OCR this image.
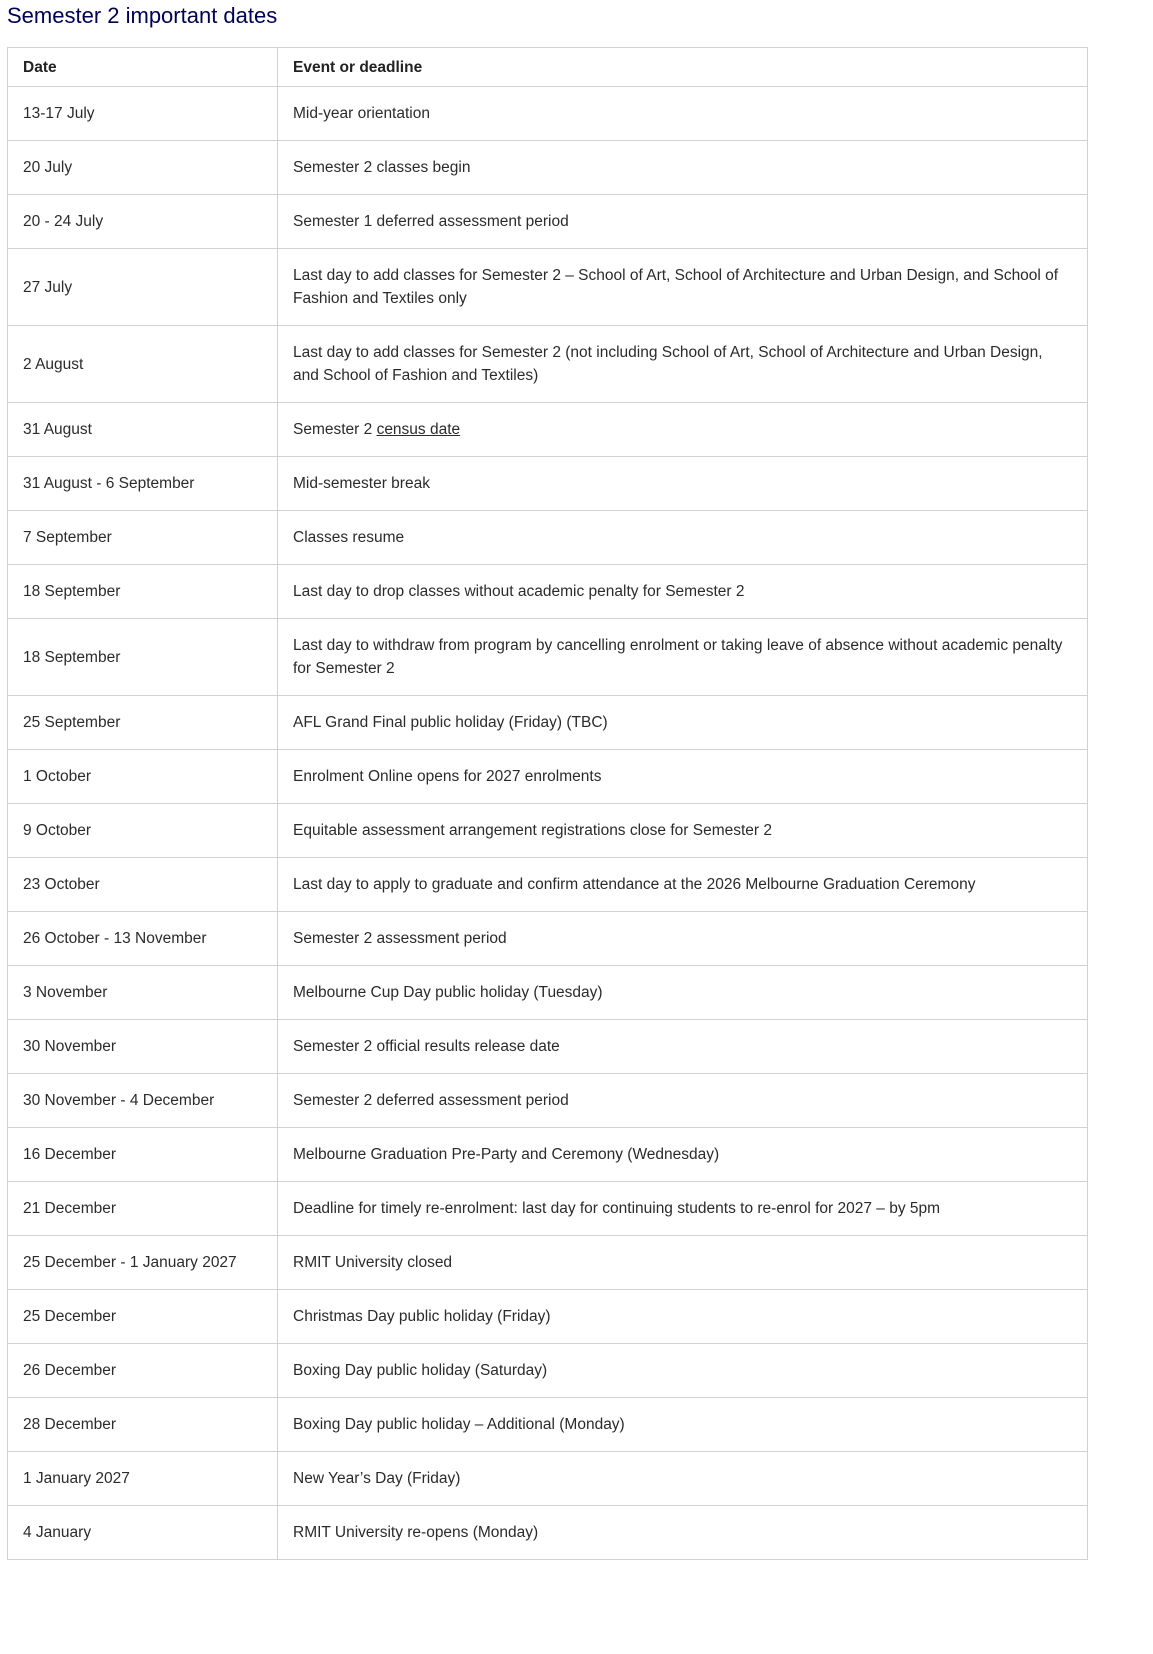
Semester 2 important dates
Date	Event or deadline
13-17 July	Mid-year orientation
20 July	Semester 2 classes begin
20 - 24 July	Semester 1 deferred assessment period
27 July	Last day to add classes for Semester 2 – School of Art, School of Architecture and Urban Design, and School of Fashion and Textiles only
2 August	Last day to add classes for Semester 2 (not including School of Art, School of Architecture and Urban Design, and School of Fashion and Textiles)
31 August	Semester 2 census date
31 August - 6 September	Mid-semester break
7 September	Classes resume
18 September	Last day to drop classes without academic penalty for Semester 2
18 September	Last day to withdraw from program by cancelling enrolment or taking leave of absence without academic penalty for Semester 2
25 September	AFL Grand Final public holiday (Friday) (TBC)
1 October	Enrolment Online opens for 2027 enrolments
9 October	Equitable assessment arrangement registrations close for Semester 2
23 October	Last day to apply to graduate and confirm attendance at the 2026 Melbourne Graduation Ceremony
26 October - 13 November	Semester 2 assessment period
3 November	Melbourne Cup Day public holiday (Tuesday)
30 November	Semester 2 official results release date
30 November - 4 December	Semester 2 deferred assessment period
16 December	Melbourne Graduation Pre-Party and Ceremony (Wednesday)
21 December	Deadline for timely re-enrolment: last day for continuing students to re-enrol for 2027 – by 5pm
25 December - 1 January 2027	RMIT University closed
25 December	Christmas Day public holiday (Friday)
26 December	Boxing Day public holiday (Saturday)
28 December	Boxing Day public holiday – Additional (Monday)
1 January 2027	New Year’s Day (Friday)
4 January	RMIT University re-opens (Monday)
